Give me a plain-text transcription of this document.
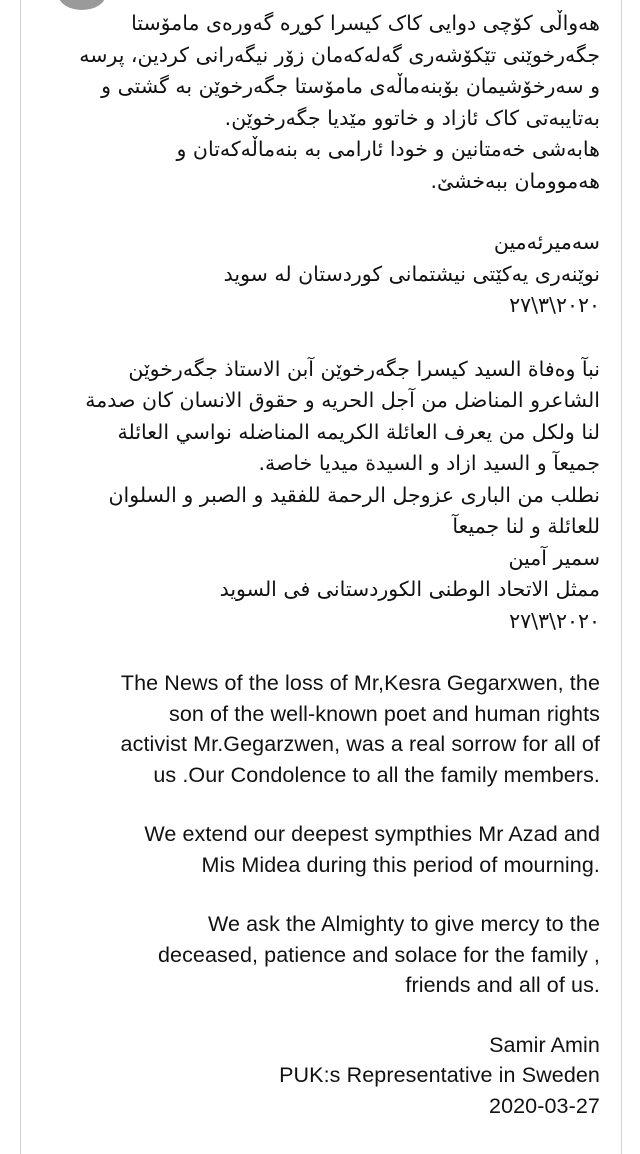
هەواڵی کۆچی دوایی کاک کیسرا کوڕە گەورەی مامۆستا
جگەرخوێنی تێکۆشەری گەلەکەمان زۆر نیگەرانی کردین، پرسە
و سەرخۆشیمان بۆبنەماڵەی مامۆستا جگەرخوێن بە گشتی و
بەتایبەتی کاک ئازاد و خاتوو مێدیا جگەرخوێن.
هابەشی خەمتانین و خودا ئارامی بە بنەماڵەکەتان و
هەموومان ببەخشێ.
سەمیرئەمین
نوێنەری یەکێتی نیشتمانی کوردستان لە سوید
٢٠٢٠\٣\٢٧
نبآ وەفاة السید کیسرا جگەرخوێن آبن الاستاذ جگەرخوێن
الشاعرو المناضل من آجل الحریه و حقوق الانسان کان صدمة
لنا ولكل من یعرف العائلة الكریمه المناضله نواسي العائلة
جمیعآ و السید ازاد و السیدة میدیا خاصة.
نطلب من الباری عزوجل الرحمة للفقید و الصبر و السلوان
للعائلة و لنا جمیعآ
سمیر آمین
ممثل الاتحاد الوطنی الكوردستانی فی السوید
٢٠٢٠\٣\٢٧
The News of the loss of Mr,Kesra Gegarxwen, the
son of the well-known poet and human rights
activist Mr.Gegarzwen, was a real sorrow for all of
us .Our Condolence to all the family members.
We extend our deepest sympthies Mr Azad and
Mis Midea during this period of mourning.
We ask the Almighty to give mercy to the
deceased, patience and solace for the family ,
friends and all of us.
Samir Amin
PUK:s Representative in Sweden
2020-03-27
